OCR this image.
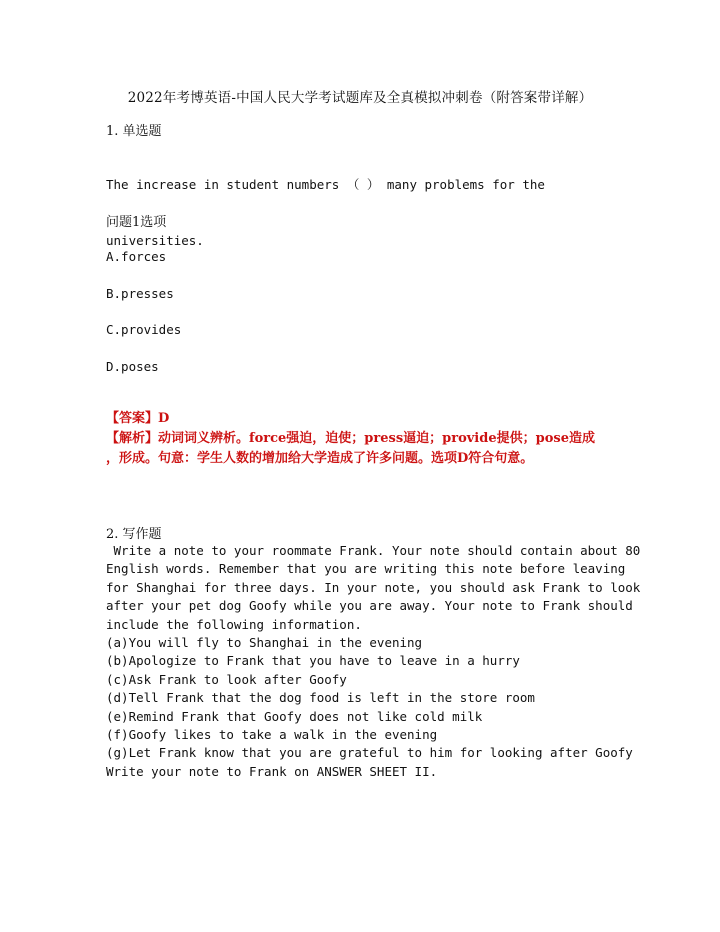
2022年考博英语-中国人民大学考试题库及全真模拟冲刺卷（附答案带详解）
1. 单选题

The increase in student numbers （ ） many problems for the

universities.

问题1选项
A.forces
B.presses
C.provides
D.poses
【答案】D
【解析】动词词义辨析。force强迫，迫使；press逼迫；provide提供；pose造成
，形成。句意：学生人数的增加给大学造成了许多问题。选项D符合句意。
2. 写作题
Write a note to your roommate Frank. Your note should contain about 80
English words. Remember that you are writing this note before leaving
for Shanghai for three days. In your note, you should ask Frank to look
after your pet dog Goofy while you are away. Your note to Frank should
include the following information.
(a)You will fly to Shanghai in the evening
(b)Apologize to Frank that you have to leave in a hurry
(c)Ask Frank to look after Goofy
(d)Tell Frank that the dog food is left in the store room
(e)Remind Frank that Goofy does not like cold milk
(f)Goofy likes to take a walk in the evening
(g)Let Frank know that you are grateful to him for looking after Goofy
Write your note to Frank on ANSWER SHEET II.
